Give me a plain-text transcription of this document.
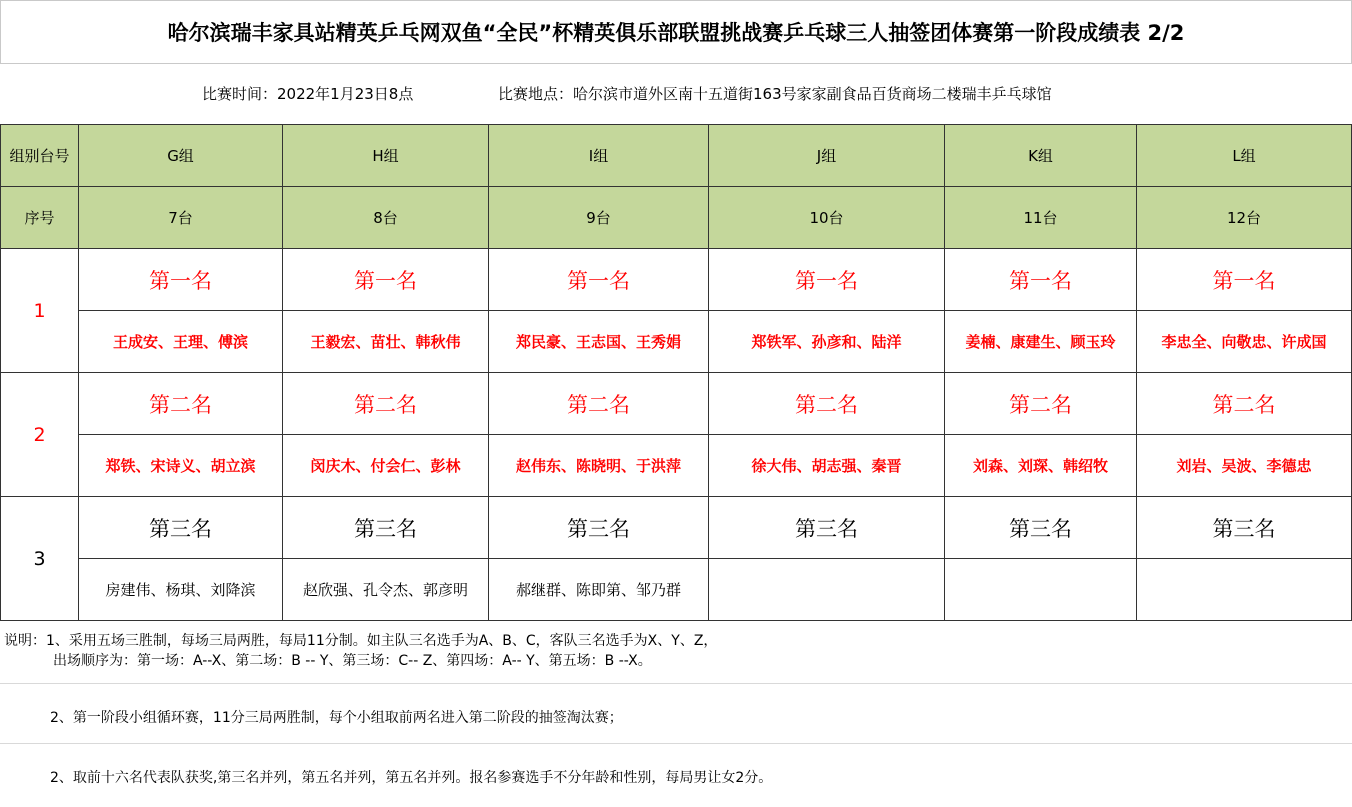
哈尔滨瑞丰家具站精英乒乓网双鱼“全民”杯精英俱乐部联盟挑战赛乒乓球三人抽签团体赛第一阶段成绩表 2/2
比赛时间：2022年1月23日8点	比赛地点：哈尔滨市道外区南十五道街163号家家副食品百货商场二楼瑞丰乒乓球馆
组别台号	G组	H组	I组	J组	K组	L组
序号	7台	8台	9台	10台	11台	12台
1	第一名	第一名	第一名	第一名	第一名	第一名
	王成安、王理、傅滨	王毅宏、苗壮、韩秋伟	郑民豪、王志国、王秀娟	郑铁军、孙彦和、陆洋	姜楠、康建生、顾玉玲	李忠全、向敬忠、许成国
2	第二名	第二名	第二名	第二名	第二名	第二名
	郑铁、宋诗义、胡立滨	闵庆木、付会仁、彭林	赵伟东、陈晓明、于洪萍	徐大伟、胡志强、秦晋	刘森、刘琛、韩绍牧	刘岩、吴波、李德忠
3	第三名	第三名	第三名	第三名	第三名	第三名
	房建伟、杨琪、刘降滨	赵欣强、孔令杰、郭彦明	郝继群、陈即第、邹乃群			
说明：1、采用五场三胜制，每场三局两胜，每局11分制。如主队三名选手为A、B、C，客队三名选手为X、Y、Z，
出场顺序为：第一场：A--X、第二场：B -- Y、第三场：C-- Z、第四场：A-- Y、第五场：B --X。
2、第一阶段小组循环赛，11分三局两胜制，每个小组取前两名进入第二阶段的抽签淘汰赛；
2、取前十六名代表队获奖,第三名并列，第五名并列，第五名并列。报名参赛选手不分年龄和性别，每局男让女2分。
